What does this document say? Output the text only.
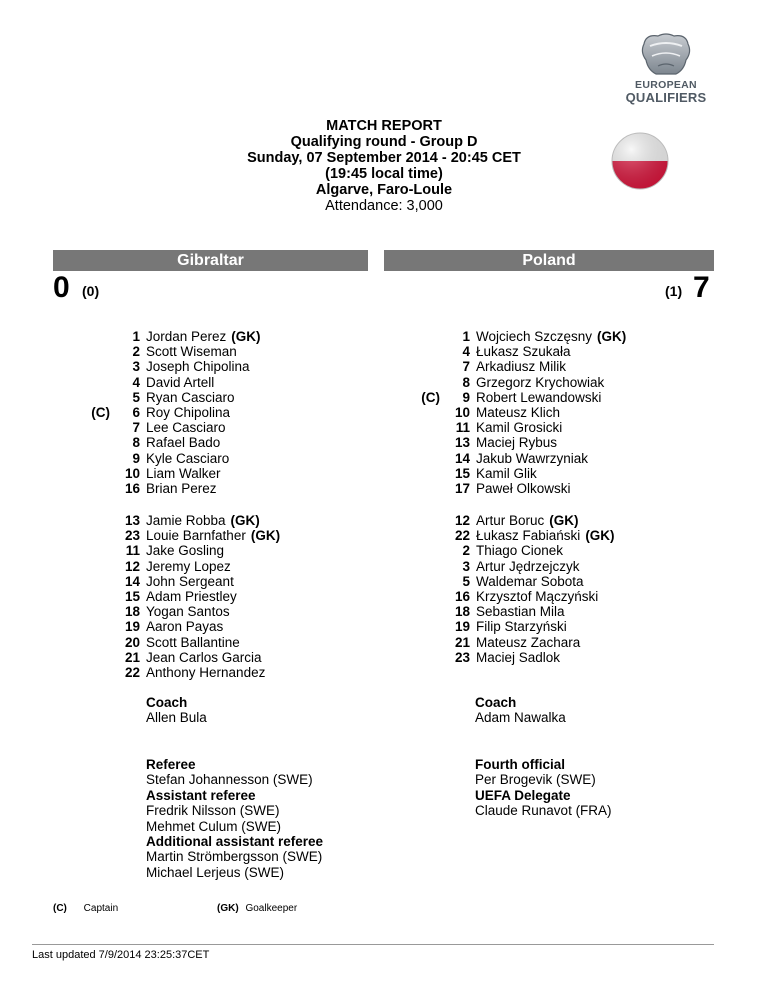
EUROPEAN
QUALIFIERS
MATCH REPORT
Qualifying round - Group D
Sunday, 07 September 2014 - 20:45 CET
(19:45 local time)
Algarve, Faro-Loule
Attendance: 3,000
Gibraltar	Poland
0 (0)	(1) 7
1 Jordan Perez (GK)
2 Scott Wiseman
3 Joseph Chipolina
4 David Artell
5 Ryan Casciaro
(C)	6 Roy Chipolina
7 Lee Casciaro
8 Rafael Bado
9 Kyle Casciaro
10 Liam Walker
16 Brian Perez
1 Wojciech Szczęsny (GK)
4 Łukasz Szukała
7 Arkadiusz Milik
8 Grzegorz Krychowiak
(C)	9 Robert Lewandowski
10 Mateusz Klich
11 Kamil Grosicki
13 Maciej Rybus
14 Jakub Wawrzyniak
15 Kamil Glik
17 Paweł Olkowski
13 Jamie Robba (GK)
23 Louie Barnfather (GK)
11 Jake Gosling
12 Jeremy Lopez
14 John Sergeant
15 Adam Priestley
18 Yogan Santos
19 Aaron Payas
20 Scott Ballantine
21 Jean Carlos Garcia
22 Anthony Hernandez
12 Artur Boruc (GK)
22 Łukasz Fabiański (GK)
2 Thiago Cionek
3 Artur Jędrzejczyk
5 Waldemar Sobota
16 Krzysztof Mączyński
18 Sebastian Mila
19 Filip Starzyński
21 Mateusz Zachara
23 Maciej Sadlok
Coach
Allen Bula
Coach
Adam Nawalka
Referee
Stefan Johannesson (SWE)
Assistant referee
Fredrik Nilsson (SWE)
Mehmet Culum (SWE)
Additional assistant referee
Martin Strömbergsson (SWE)
Michael Lerjeus (SWE)
Fourth official
Per Brogevik (SWE)
UEFA Delegate
Claude Runavot (FRA)
(C) Captain	(GK) Goalkeeper
Last updated 7/9/2014 23:25:37CET
